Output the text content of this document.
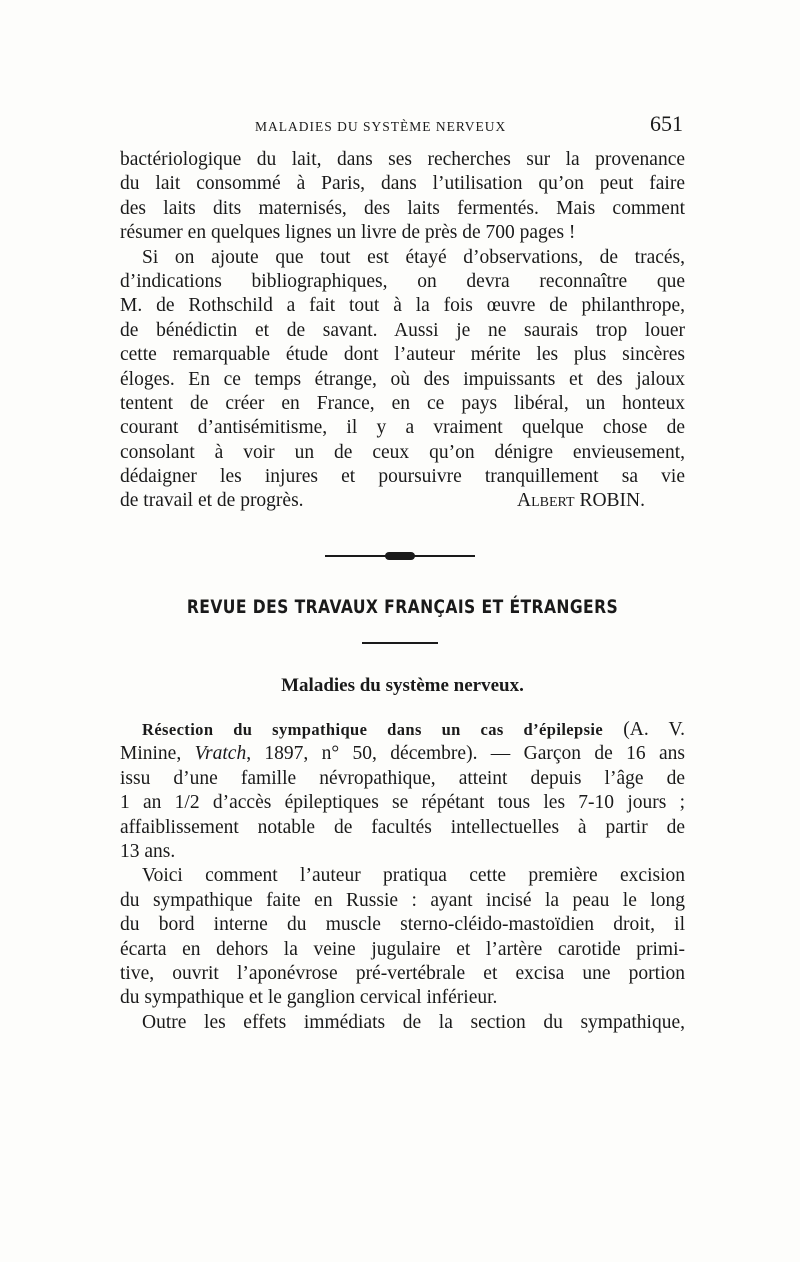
MALADIES DU SYSTÈME NERVEUX	651
bactériologique du lait, dans ses recherches sur la provenance
du lait consommé à Paris, dans l’utilisation qu’on peut faire
des laits dits maternisés, des laits fermentés. Mais comment
résumer en quelques lignes un livre de près de 700 pages !
Si on ajoute que tout est étayé d’observations, de tracés,
d’indications bibliographiques, on devra reconnaître que
M. de Rothschild a fait tout à la fois œuvre de philanthrope,
de bénédictin et de savant. Aussi je ne saurais trop louer
cette remarquable étude dont l’auteur mérite les plus sincères
éloges. En ce temps étrange, où des impuissants et des jaloux
tentent de créer en France, en ce pays libéral, un honteux
courant d’antisémitisme, il y a vraiment quelque chose de
consolant à voir un de ceux qu’on dénigre envieusement,
dédaigner les injures et poursuivre tranquillement sa vie
de travail et de progrès.	Albert ROBIN.
REVUE DES TRAVAUX FRANÇAIS ET ÉTRANGERS
Maladies du système nerveux.
Résection du sympathique dans un cas d’épilepsie (A. V.
Minine, Vratch, 1897, n° 50, décembre). — Garçon de 16 ans
issu d’une famille névropathique, atteint depuis l’âge de
1 an 1/2 d’accès épileptiques se répétant tous les 7-10 jours ;
affaiblissement notable de facultés intellectuelles à partir de
13 ans.
Voici comment l’auteur pratiqua cette première excision
du sympathique faite en Russie : ayant incisé la peau le long
du bord interne du muscle sterno-cléido-mastoïdien droit, il
écarta en dehors la veine jugulaire et l’artère carotide primi-
tive, ouvrit l’aponévrose pré-vertébrale et excisa une portion
du sympathique et le ganglion cervical inférieur.
Outre les effets immédiats de la section du sympathique,
